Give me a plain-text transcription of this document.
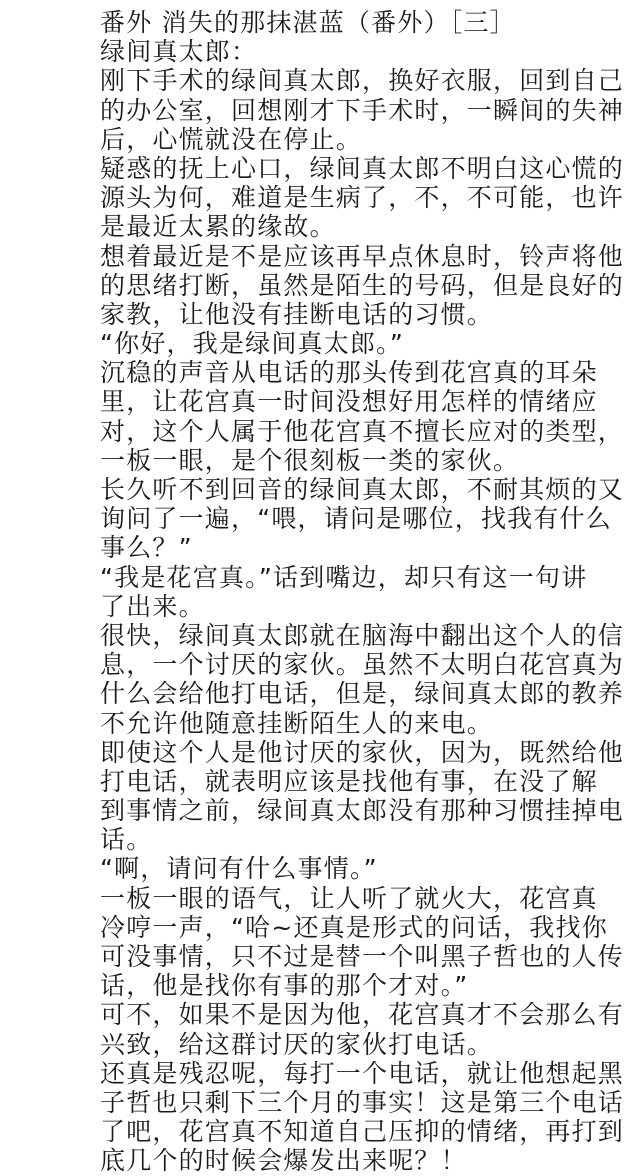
番外 消失的那抹湛蓝（番外）［三］
绿间真太郎：
刚下手术的绿间真太郎，换好衣服，回到自己
的办公室，回想刚才下手术时，一瞬间的失神
后，心慌就没在停止。
疑惑的抚上心口，绿间真太郎不明白这心慌的
源头为何，难道是生病了，不，不可能，也许
是最近太累的缘故。
想着最近是不是应该再早点休息时，铃声将他
的思绪打断，虽然是陌生的号码，但是良好的
家教，让他没有挂断电话的习惯。
“你好，我是绿间真太郎。”
沉稳的声音从电话的那头传到花宫真的耳朵
里，让花宫真一时间没想好用怎样的情绪应
对，这个人属于他花宫真不擅长应对的类型，
一板一眼，是个很刻板一类的家伙。
长久听不到回音的绿间真太郎，不耐其烦的又
询问了一遍，“喂，请问是哪位，找我有什么
事么？”
“我是花宫真。”话到嘴边，却只有这一句讲
了出来。
很快，绿间真太郎就在脑海中翻出这个人的信
息，一个讨厌的家伙。虽然不太明白花宫真为
什么会给他打电话，但是，绿间真太郎的教养
不允许他随意挂断陌生人的来电。
即使这个人是他讨厌的家伙，因为，既然给他
打电话，就表明应该是找他有事，在没了解
到事情之前，绿间真太郎没有那种习惯挂掉电
话。
“啊，请问有什么事情。”
一板一眼的语气，让人听了就火大，花宫真
冷哼一声，“哈~还真是形式的问话，我找你
可没事情，只不过是替一个叫黑子哲也的人传
话，他是找你有事的那个才对。”
可不，如果不是因为他，花宫真才不会那么有
兴致，给这群讨厌的家伙打电话。
还真是残忍呢，每打一个电话，就让他想起黑
子哲也只剩下三个月的事实！这是第三个电话
了吧，花宫真不知道自己压抑的情绪，再打到
底几个的时候会爆发出来呢？！
